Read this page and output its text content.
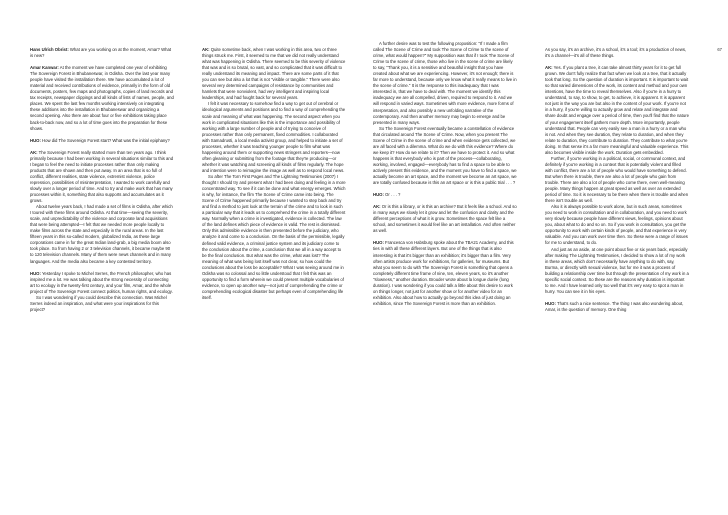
67

Hans Ulrich Obrist: What are you working on at the moment, Amar? What is new?

Amar Kanwar: At the moment we have completed one year of exhibiting The Sovereign Forest in Bhubaneswar, in Odisha. Over the last year many people have visited the installation there. We have accumulated a lot of material and received contributions of evidence, primarily in the form of old documents, posters, few maps and photographs, copies of land records and tax receipts, newspaper clippings and all kinds of lists of names, people, and places. We spent the last few months working intensively on integrating these additions into the installation in Bhubaneswar and organizing a second opening. Also there are about four or five exhibitions taking place back-to-back now, and so a lot of time goes into the preparation for these shows.

HUO: How did The Sovereign Forest start? What was the initial epiphany?

AK: The Sovereign Forest really started more than ten years ago. I think primarily because I had been working in several situations similar to this and I began to feel the need to initiate processes rather than only making products that are shown and then put away. In an area that is so full of conflict, different realities, state violence, extremist violence, police repression, possibilities of misinterpretation, I wanted to work carefully and slowly over a longer period of time. And to try and make work that has many processes within it, something that also supports and accumulates as it grows.

About twelve years back, I had made a set of films in Odisha, after which I toured with these films around Odisha. At that time—seeing the severity, scale, and unpredictability of the violence and corporate land acquisitions that were being attempted—I felt that we needed more people locally to make films across the state and especially in the rural areas. In the last fifteen years in this so-called modern, globalized India, as these large corporations came in for the great Indian land-grab, a big media boom also took place. So from having 2 or 3 television channels, it became maybe 90 to 120 television channels. Many of them were news channels and in many languages. And the media also became a key contested territory.

HUO: Yesterday I spoke to Michel Serres, the French philosopher, who has inspired me a lot. He was talking about the strong necessity of connecting art to ecology in the twenty-first century, and your film, Amar, and the whole project of The Sovereign Forest connect politics, human rights, and ecology.

So I was wondering if you could describe this connection. Was Michel Serres indeed an inspiration, and what were your inspirations for this project?

AK: Quite sometime back, when I was working in this area, two or three things struck me. First, it seemed to me that we did not really understand what was happening in Odisha. There seemed to be this severity of violence that was and is so brutal, so vast, and so complicated that it was difficult to really understand its meaning and impact. There are some parts of it that you can see but also a lot that is not "visible or tangible." There were also several very determined campaigns of resistance by communities and hamlets that were nonviolent, had very intelligent and inspiring local leaderships, and had fought back for several years.

I felt it was necessary to somehow find a way to get out of cerebral or ideological arguments and positions and to find a way of comprehending the scale and meaning of what was happening. The second aspect when you work in complicated situations like this is the importance and possibility of working with a large number of people and of trying to conceive of processes rather than only permanent, fixed commodities. I collaborated with Samadrusti, a local media activist group, and helped to initiate a set of processes, whether it was teaching younger people to film what was happening around them or supporting news stringers and reporters—now often gleaning or submitting from the footage that they're producing—or whether it was watching and screening all kinds of films regularly. The hope and intention were to reimagine the image as well as to respond local news.

So after The Torn First Pages and The Lightning Testimonies (2007) I thought I should try and present what I had been doing and feeling in a more concentrated way. To see if it can be done and what energy emerges. Which is why, for instance, the film The Scene of Crime came into being. The Scene of Crime happened primarily because I wanted to step back and try and find a method to just look at the terrain of the crime and to look in such a particular way that it leads us to comprehend the crime in a totally different way. Normally when a crime is investigated, evidence is collected. The law of the land defines which piece of evidence is valid. The rest is dismissed. Only this admissible evidence is then presented before the judiciary, who analyze it and come to a conclusion. On the basis of the permissible, legally defined valid evidence, a criminal justice system and its judiciary come to the conclusion about the crime, a conclusion that we all in a way accept to be the final conclusion. But what was the crime, what was lost? The meaning of what was being lost itself was not clear, so how could the conclusions about the loss be acceptable? What I was seeing around me in Odisha was so colossal and so little understood that I felt this was an opportunity to find a form wherein we could present multiple vocabularies of evidence, to open up another way—not just of comprehending the crime or comprehending ecological disaster but perhaps even of comprehending life itself.

A further desire was to test the following proposition: "If I made a film called The Scene of Crime and took The Scene of Crime to the scene of crime, what would happen?" My supposition was that if I took The Scene of Crime to the scene of crime, those who live in the scene of crime are likely to say, "Thank you, it is a sensitive and beautiful insight that you have created about what we are experiencing. However, it's not enough; there is far more to understand, because only we know what it really means to live in the scene of crime." It is the response to this inadequacy that I was interested in, that we have to deal with. The moment we identify this inadequacy we are all compelled, driven, required to respond to it. And we will respond in varied ways. Sometimes with more evidence, more forms of interpretation, and also possibly a new unfolding narrative of the contemporary. And then another memory may begin to emerge and be presented in many ways.

So The Sovereign Forest eventually became a constellation of evidence that circulated around The Scene of Crime. Now, when you present The Scene of Crime in the scene of crime and when evidence gets collected, we are all faced with a dilemma. What do we do with this evidence? Where do we keep it? How do we relate to it? Then we have to protect it. And so what happens is that everybody who is part of the process—collaborating, working, involved, engaged—everybody has to find a space to be able to actively present this evidence, and the moment you have to find a space, we actually become an art space, and the moment we become an art space, we are totally confused because is this an art space or is this a public trial . . . ?

HUO: Or . . . ?

AK: Or is this a library, or is this an archive? But it feels like a school. And so in many ways we slowly let it grow and let the confusion and clarity and the different perceptions of what it is grow. Sometimes the space felt like a school, and sometimes it would feel like an art installation. And often neither as well.

HUO: Francesca von Habsburg spoke about the TBA21 Academy, and this ties in with all these different layers. But one of the things that is also interesting is that it's bigger than an exhibition; it's bigger than a film. Very often artists produce work for exhibitions, for galleries, for museums. But what you seem to do with The Sovereign Forest is something that opens a completely different time frame of nine, ten, eleven years, so it's another "slowness," another duration. Brouder wrote about la longue durée (long duration). I was wondering if you could talk a little about this desire to work on things longer, not just for another show or for another video for an exhibition. Also about how to actually go beyond this idea of just doing an exhibition, since The Sovereign Forest is more than an exhibition.

As you say, it's an archive, it's a school, it's a tool; it's a production of news, it's a channel—it's all of these things.

AK: Yes. If you plant a tree, it can take almost thirty years for it to get full grown. We don't fully realize that fact when we look at a tree, that it actually took that long. So the question of duration is important. It is important to wait so that varied dimensions of the work, its content and method and your own intentions, have the time to reveal themselves. Also if you're in a hurry to understand, to say, to show, to get, to achieve, it is apparent. It is apparent not just in the way you are but also in the content of your work. If you're not in a hurry, if you're willing to actually grow and relate and integrate and share doubt and engage over a period of time, then you'll find that the nature of your engagement itself gathers more depth. More importantly, people understand that. People can very easily see a man in a hurry or a man who is not. And when they see duration, they relate to duration, and when they relate to duration, they contribute to duration. They contribute to what you're doing. In that sense it's a far more meaningful and valuable experience. This also becomes visible inside the work. Duration gets embedded.

Further, if you're working in a political, social, or communal context, and definitely if you're working in a context that is potentially violent and filled with conflict, there are a lot of people who would have something to defend. But when there is trouble, there are also a lot of people who gain from trouble. There are also a lot of people who come there, even well-meaning people. Many things happen at great speed as well as over an extended period of time. So it is necessary to be there when there is trouble and when there isn't trouble as well.

Also it is always possible to work alone, but in such areas, sometimes you need to work in consultation and in collaboration, and you need to work very slowly because people have different views, feelings, opinions about you, about what to do and so on. So if you work in consultation, you get the opportunity to work with certain kinds of people, and that experience is very valuable. And you can work over time then. So these were a range of issues for me to understand, to do.

And just as an aside, at one point about five or six years back, especially after making The Lightning Testimonies, I decided to show a lot of my work in these areas, which don't necessarily have anything to do with, say, Burma, or directly with sexual violence, but for me it was a process of building a relationship over time but through the presentation of my work in a specific social context. So these are the reasons why duration is important to me. And I have learned only too well that it's very easy to spot a man in hurry. You can see it in his eyes.

HUO: That's such a nice sentence. The thing I was also wondering about, Amar, is the question of memory. One thing
